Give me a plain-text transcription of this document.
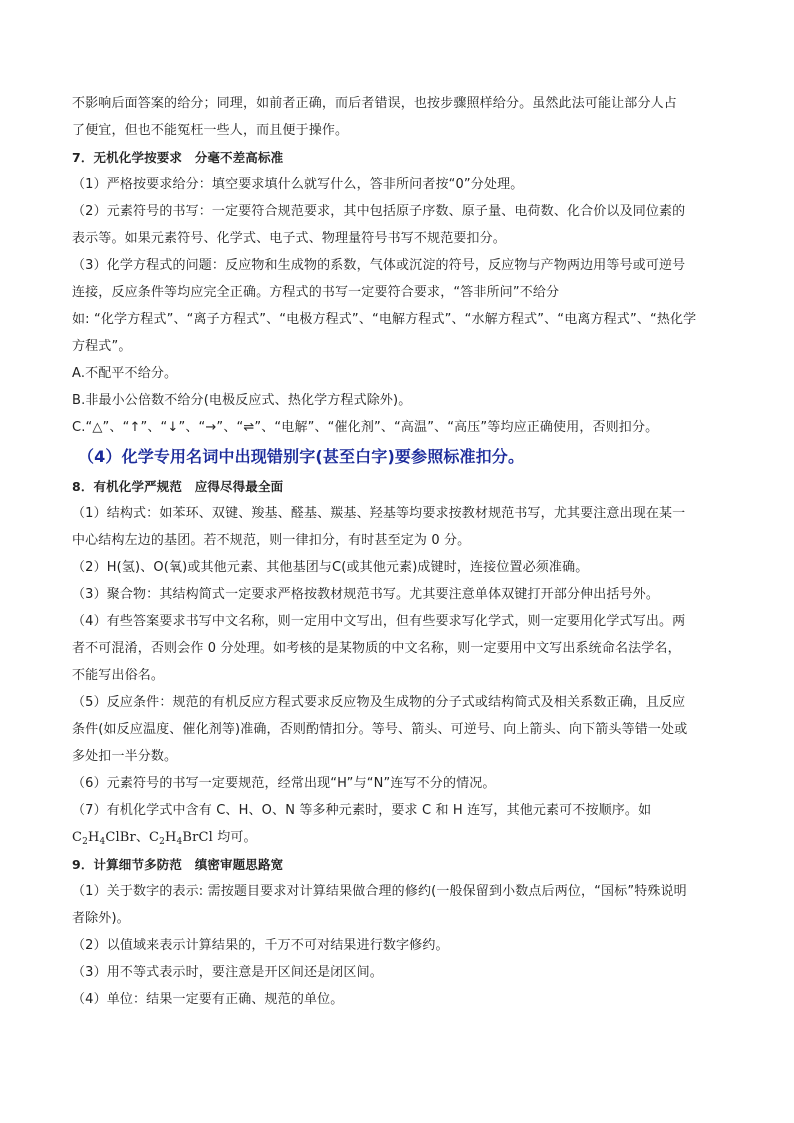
不影响后面答案的给分；同理，如前者正确，而后者错误，也按步骤照样给分。虽然此法可能让部分人占

了便宜，但也不能冤枉一些人，而且便于操作。

7．无机化学按要求　分毫不差高标准

（1）严格按要求给分：填空要求填什么就写什么，答非所问者按“0”分处理。

（2）元素符号的书写：一定要符合规范要求，其中包括原子序数、原子量、电荷数、化合价以及同位素的

表示等。如果元素符号、化学式、电子式、物理量符号书写不规范要扣分。

（3）化学方程式的问题：反应物和生成物的系数，气体或沉淀的符号，反应物与产物两边用等号或可逆号

连接，反应条件等均应完全正确。方程式的书写一定要符合要求，“答非所问”不给分

如: “化学方程式”、“离子方程式”、“电极方程式”、“电解方程式”、“水解方程式”、“电离方程式”、“热化学

方程式”。

A.不配平不给分。

B.非最小公倍数不给分(电极反应式、热化学方程式除外)。

C.“△”、“↑”、“↓”、“→”、“⇌”、“电解”、“催化剂”、“高温”、“高压”等均应正确使用，否则扣分。

（4）化学专用名词中出现错别字(甚至白字)要参照标准扣分。

8．有机化学严规范　应得尽得最全面

（1）结构式：如苯环、双键、羧基、醛基、羰基、羟基等均要求按教材规范书写，尤其要注意出现在某一

中心结构左边的基团。若不规范，则一律扣分，有时甚至定为 0 分。

（2）H(氢)、O(氧)或其他元素、其他基团与C(或其他元素)成键时，连接位置必须准确。

（3）聚合物：其结构简式一定要求严格按教材规范书写。尤其要注意单体双键打开部分伸出括号外。

（4）有些答案要求书写中文名称，则一定用中文写出，但有些要求写化学式，则一定要用化学式写出。两

者不可混淆，否则会作 0 分处理。如考核的是某物质的中文名称，则一定要用中文写出系统命名法学名，

不能写出俗名。

（5）反应条件：规范的有机反应方程式要求反应物及生成物的分子式或结构简式及相关系数正确，且反应

条件(如反应温度、催化剂等)准确，否则酌情扣分。等号、箭头、可逆号、向上箭头、向下箭头等错一处或

多处扣一半分数。

（6）元素符号的书写一定要规范，经常出现“H”与“N”连写不分的情况。

（7）有机化学式中含有 C、H、O、N 等多种元素时，要求 C 和 H 连写，其他元素可不按顺序。如

$C_2H_4ClBr$、$C_2H_4BrCl$ 均可。

9．计算细节多防范　缜密审题思路宽

（1）关于数字的表示: 需按题目要求对计算结果做合理的修约(一般保留到小数点后两位，“国标”特殊说明

者除外)。

（2）以值域来表示计算结果的，千万不可对结果进行数字修约。

（3）用不等式表示时，要注意是开区间还是闭区间。

（4）单位：结果一定要有正确、规范的单位。
